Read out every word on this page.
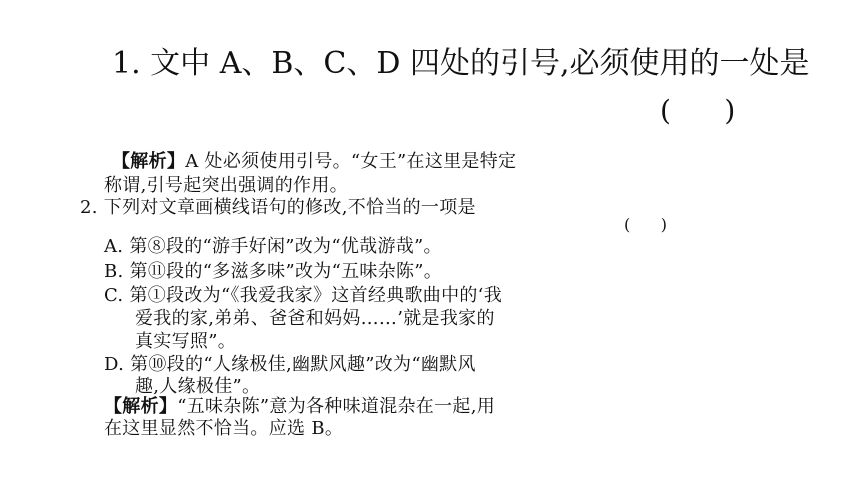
1. 文中 A、B、C、D 四处的引号,必须使用的一处是
(      )
【解析】A 处必须使用引号。“女王”在这里是特定
称谓,引号起突出强调的作用。
2. 下列对文章画横线语句的修改,不恰当的一项是
(      )
A. 第⑧段的“游手好闲”改为“优哉游哉”。
B. 第⑪段的“多滋多味”改为“五味杂陈”。
C. 第①段改为“《我爱我家》这首经典歌曲中的‘我
爱我的家,弟弟、爸爸和妈妈……’就是我家的
真实写照”。
D. 第⑩段的“人缘极佳,幽默风趣”改为“幽默风
趣,人缘极佳”。
【解析】“五味杂陈”意为各种味道混杂在一起,用
在这里显然不恰当。应选 B。
